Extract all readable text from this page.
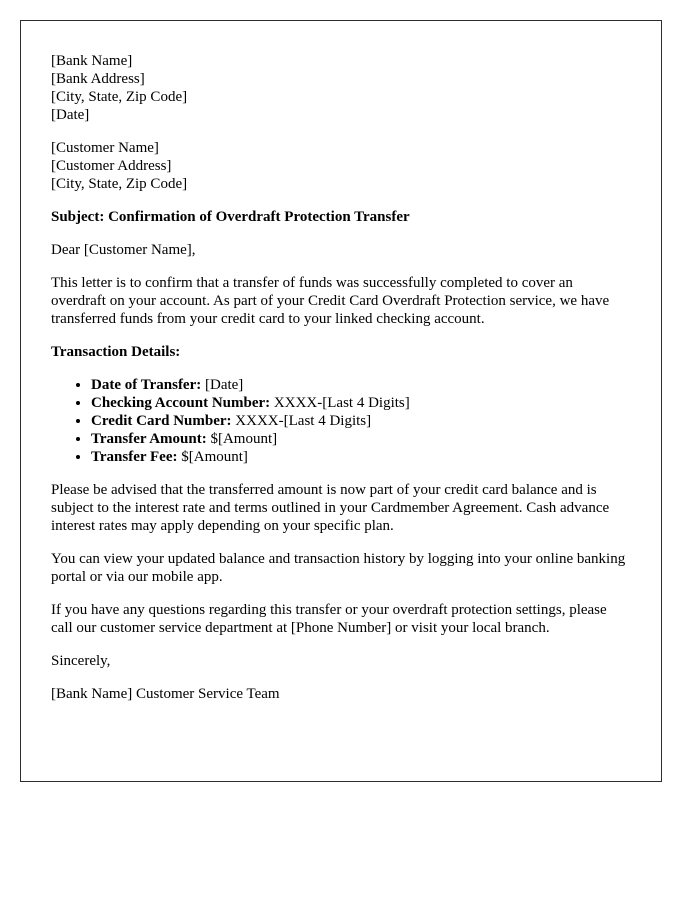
[Bank Name]
[Bank Address]
[City, State, Zip Code]
[Date]
[Customer Name]
[Customer Address]
[City, State, Zip Code]
Subject: Confirmation of Overdraft Protection Transfer
Dear [Customer Name],
This letter is to confirm that a transfer of funds was successfully completed to cover an overdraft on your account. As part of your Credit Card Overdraft Protection service, we have transferred funds from your credit card to your linked checking account.
Transaction Details:
• Date of Transfer: [Date]
• Checking Account Number: XXXX-[Last 4 Digits]
• Credit Card Number: XXXX-[Last 4 Digits]
• Transfer Amount: $[Amount]
• Transfer Fee: $[Amount]
Please be advised that the transferred amount is now part of your credit card balance and is subject to the interest rate and terms outlined in your Cardmember Agreement. Cash advance interest rates may apply depending on your specific plan.
You can view your updated balance and transaction history by logging into your online banking portal or via our mobile app.
If you have any questions regarding this transfer or your overdraft protection settings, please call our customer service department at [Phone Number] or visit your local branch.
Sincerely,
[Bank Name] Customer Service Team
